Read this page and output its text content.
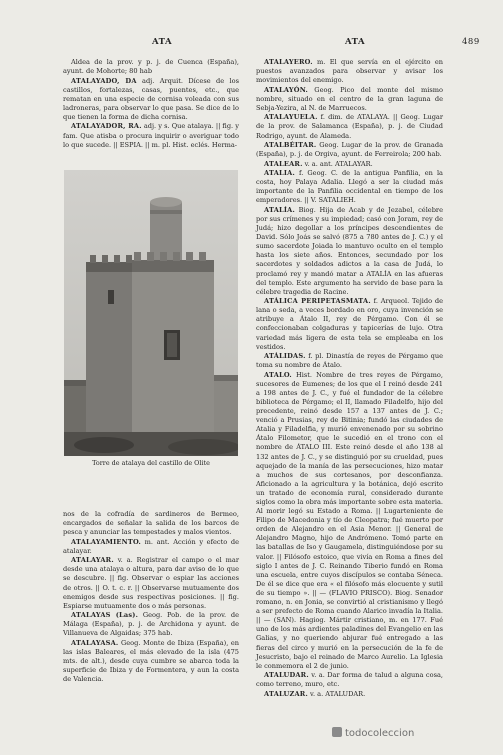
ATA	ATA	489

Aldea de la prov. y p. j. de Cuenca (España), ayunt. de Mohorte; 80 hab

ATALAYADO, DA adj. Arquit. Dícese de los castillos, fortalezas, casas, puentes, etc., que rematan en una especie de cornisa voleada con sus ladroneras, para observar lo que pasa. Se dice de lo que tienen la forma de dicha cornisa.

ATALAYADOR, RA. adj. y s. Que atalaya. || fig. y fam. Que atisba o procura inquirir o averiguar todo lo que sucede. || ESPIA. || m. pl. Hist. eclés. Herma-

Torre de atalaya del castillo de Olite

nos de la cofradía de sardineros de Bermeo, encargados de señalar la salida de los barcos de pesca y anunciar las tempestades y malos vientos.

ATALAYAMIENTO. m. ant. Acción y efecto de atalayar.

ATALAYAR. v. a. Registrar el campo o el mar desde una atalaya o altura, para dar aviso de lo que se descubre. || fig. Observar o espiar las acciones de otros. || O. t. c. r. || Observarse mutuamente dos enemigos desde sus respectivas posiciones. || fig. Espiarse mutuamente dos o más personas.

ATALAYAS (Las). Geog. Pob. de la prov. de Málaga (España), p. j. de Archidona y ayunt. de Villanueva de Algaidas; 375 hab.

ATALAYASA. Geog. Monte de Ibiza (España), en las islas Baleares, el más elevado de la isla (475 mts. de alt.), desde cuya cumbre se abarca toda la superficie de Ibiza y de Formentera, y aun la costa de Valencia.

ATALAYERO. m. El que servía en el ejército en puestos avanzados para observar y avisar los movimientos del enemigo.

ATALAYÓN. Geog. Pico del monte del mismo nombre, situado en el centro de la gran laguna de Sebja-Yezira, al N. de Marruecos.

ATALAYUELA. f. dim. de ATALAYA. || Geog. Lugar de la prov. de Salamanca (España), p. j. de Ciudad Rodrigo, ayunt. de Alameda.

ATALBÉITAR. Geog. Lugar de la prov. de Granada (España), p. j. de Orgiva, ayunt. de Ferreirola; 200 hab.

ATALEAR. v. a. ant. ATALAYAR.

ATALIA. f. Geog. C. de la antigua Panfilia, en la costa, hoy Palaya Adalia. Llegó a ser la ciudad más importante de la Panfilia occidental en tiempo de los emperadores. || V. SATALIEH.

ATALÍA. Biog. Hija de Acab y de Jezabel, célebre por sus crímenes y su impiedad; casó con Joram, rey de Judá; hizo degollar a los príncipes descendientes de David. Sólo Joás se salvó (875 a 780 antes de J. C.) y el sumo sacerdote Joiada lo mantuvo oculto en el templo hasta los siete años. Entonces, secundado por los sacerdotes y soldados adictos a la casa de Judá, lo proclamó rey y mandó matar a ATALÍA en las afueras del templo. Este argumento ha servido de base para la célebre tragedia de Racine.

ATÁLICA PERIPETASMATA. f. Arqueol. Tejido de lana o seda, a veces bordado en oro, cuya invención se atribuye a Átalo II, rey de Pérgamo. Con él se confeccionaban colgaduras y tapicerías de lujo. Otra variedad más ligera de esta tela se empleaba en los vestidos.

ATÁLIDAS. f. pl. Dinastía de reyes de Pérgamo que toma su nombre de Átalo.

ATALO. Hist. Nombre de tres reyes de Pérgamo, sucesores de Eumenes; de los que el I reinó desde 241 a 198 antes de J. C., y fué el fundador de la célebre biblioteca de Pérgamo; el II, llamado Filadelfo, hijo del precedente, reinó desde 157 a 137 antes de J. C.; venció a Prusias, rey de Bitinia; fundó las ciudades de Atalia y Filadelfia, y murió envenenado por su sobrino Átalo Filometor, que le sucedió en el trono con el nombre de ÁTALO III. Este reinó desde el año 138 al 132 antes de J. C., y se distinguió por su crueldad, pues aquejado de la manía de las persecuciones, hizo matar a muchos de sus cortesanos, por desconfianza. Aficionado a la agricultura y la botánica, dejó escrito un tratado de economía rural, considerado durante siglos como la obra más importante sobre esta materia. Al morir legó su Estado a Roma. || Lugarteniente de Filipo de Macedonia y tío de Cleopatra; fué muerto por orden de Alejandro en el Asia Menor. || General de Alejandro Magno, hijo de Andrómeno. Tomó parte en las batallas de Iso y Gaugamela, distinguiéndose por su valor. || Filósofo estoico, que vivía en Roma a fines del siglo I antes de J. C. Reinando Tiberio fundó en Roma una escuela, entre cuyos discípulos se contaba Séneca. De él se dice que era « el filósofo más elocuente y sutil de su tiempo ». || — (FLAVIO PRISCO). Biog. Senador romano, n. en Jonia, se convirtió al cristianismo y llegó a ser prefecto de Roma cuando Alarico invadía la Italia. || — (SAN). Hagiog. Mártir cristiano, m. en 177. Fué uno de los más ardientes paladines del Evangelio en las Galias, y no queriendo abjurar fué entregado a las fieras del circo y murió en la persecución de la fe de Jesucristo, bajo el reinado de Marco Aurelio. La Iglesia le conmemora el 2 de junio.

ATALUDAR. v. a. Dar forma de talud a alguna cosa, como terreno, muro, etc.

ATALUZAR. v. a. ATALUDAR.

todocoleccion
